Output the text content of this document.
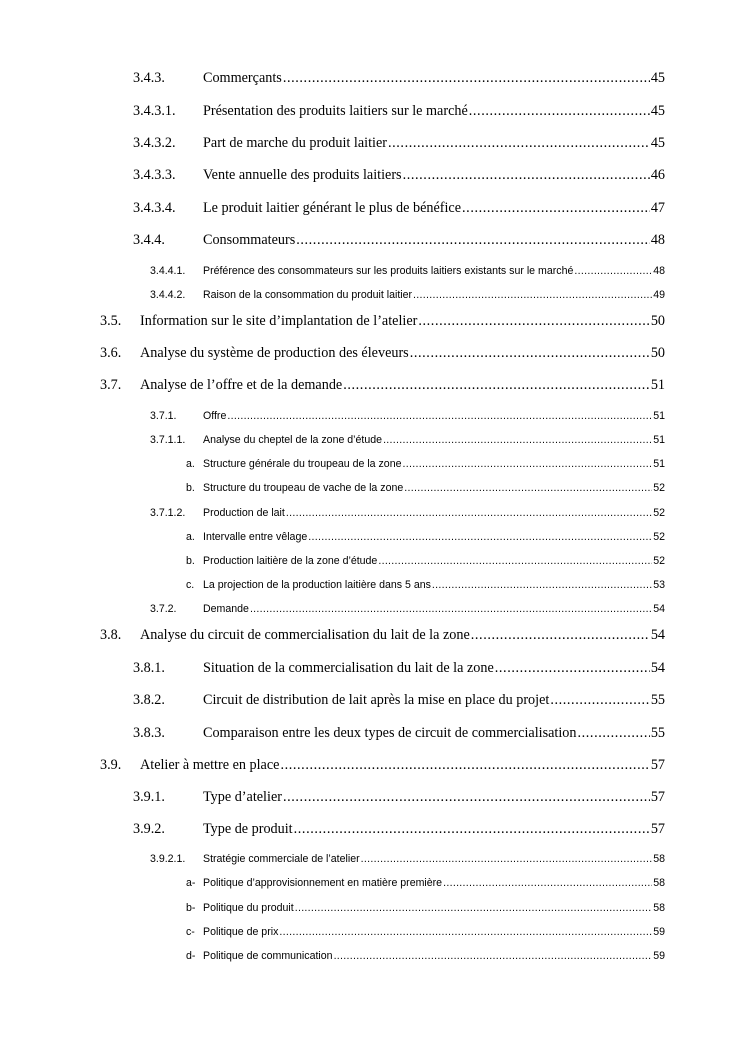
3.4.3.	Commerçants .....	45
3.4.3.1. Présentation des produits laitiers sur le marché .....	45
3.4.3.2. Part de marche du produit laitier .....	45
3.4.3.3. Vente annuelle des produits laitiers .....	46
3.4.3.4. Le produit laitier générant le plus de bénéfice .....	47
3.4.4.	Consommateurs .....	48
3.4.4.1. Préférence des consommateurs sur les produits laitiers existants sur le marché .....	48
3.4.4.2. Raison de la consommation du produit laitier .....	49
3.5. Information sur le site d’implantation de l’atelier .....	50
3.6. Analyse du système de production des éleveurs .....	50
3.7. Analyse de l’offre et de la demande .....	51
3.7.1. Offre .....	51
3.7.1.1. Analyse du cheptel de la zone d’étude .....	51
a. Structure générale du troupeau de la zone .....	51
b. Structure du troupeau de vache de la zone .....	52
3.7.1.2. Production de lait .....	52
a. Intervalle entre vêlage .....	52
b. Production laitière de la zone d’étude .....	52
c. La projection de la production laitière dans 5 ans .....	53
3.7.2. Demande .....	54
3.8. Analyse du circuit de commercialisation du lait de la zone .....	54
3.8.1.	Situation de la commercialisation du lait de la zone .....	54
3.8.2.	Circuit de distribution de lait après la mise en place du projet .....	55
3.8.3.	Comparaison entre les deux types de circuit de commercialisation .....	55
3.9. Atelier à mettre en place .....	57
3.9.1.	Type d’atelier .....	57
3.9.2.	Type de produit .....	57
3.9.2.1. Stratégie commerciale de l’atelier .....	58
a- Politique d’approvisionnement en matière première .....	58
b- Politique du produit .....	58
c- Politique de prix .....	59
d- Politique de communication .....	59
